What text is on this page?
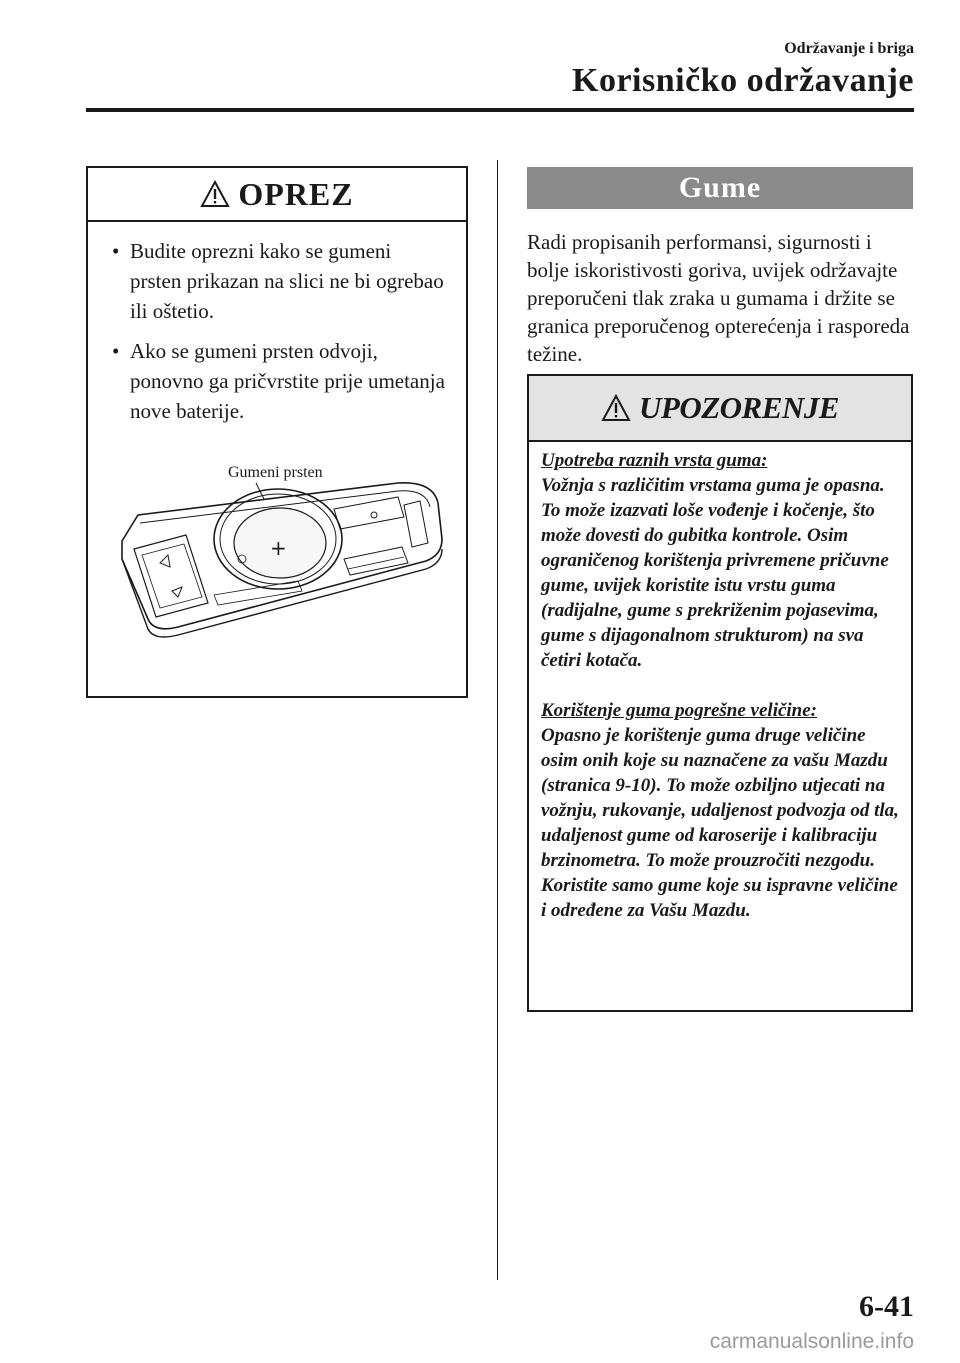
Održavanje i briga
Korisničko održavanje
OPREZ
• Budite oprezni kako se gumeni prsten prikazan na slici ne bi ogrebao ili oštetio.
• Ako se gumeni prsten odvoji, ponovno ga pričvrstite prije umetanja nove baterije.
Gumeni prsten
+
Gume

Radi propisanih performansi, sigurnosti i bolje iskoristivosti goriva, uvijek održavajte preporučeni tlak zraka u gumama i držite se granica preporučenog opterećenja i rasporeda težine.

UPOZORENJE
Upotreba raznih vrsta guma:

Vožnja s različitim vrstama guma je opasna. To može izazvati loše vođenje i kočenje, što može dovesti do gubitka kontrole. Osim ograničenog korištenja privremene pričuvne gume, uvijek koristite istu vrstu guma (radijalne, gume s prekriženim pojasevima, gume s dijagonalnom strukturom) na sva četiri kotača.

Korištenje guma pogrešne veličine:

Opasno je korištenje guma druge veličine osim onih koje su naznačene za vašu Mazdu (stranica 9-10). To može ozbiljno utjecati na vožnju, rukovanje, udaljenost podvozja od tla, udaljenost gume od karoserije i kalibraciju brzinometra. To može prouzročiti nezgodu. Koristite samo gume koje su ispravne veličine i određene za Vašu Mazdu.

6-41
carmanualsonline.info
